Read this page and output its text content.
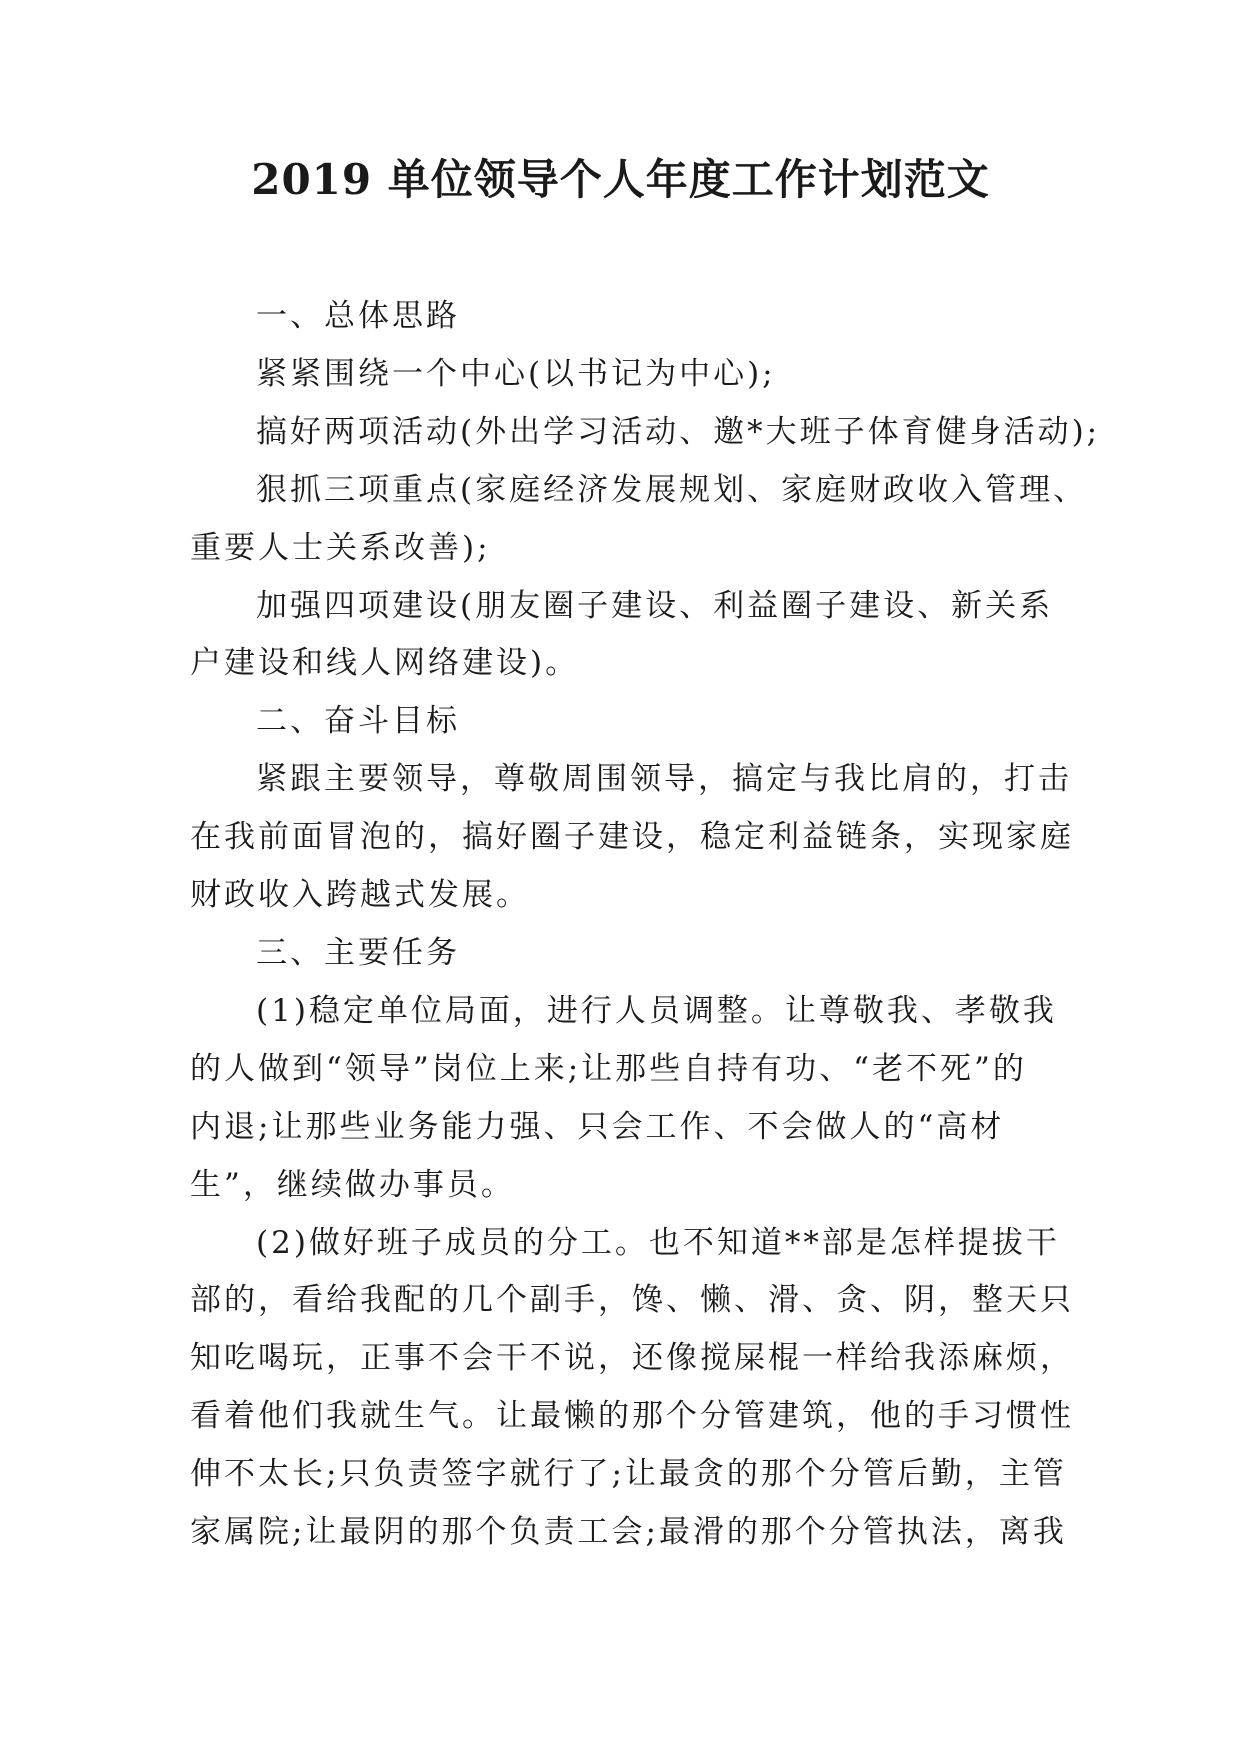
2019 单位领导个人年度工作计划范文

一、总体思路

紧紧围绕一个中心(以书记为中心);

搞好两项活动(外出学习活动、邀*大班子体育健身活动);

狠抓三项重点(家庭经济发展规划、家庭财政收入管理、
重要人士关系改善);

加强四项建设(朋友圈子建设、利益圈子建设、新关系
户建设和线人网络建设)。

二、奋斗目标

紧跟主要领导，尊敬周围领导，搞定与我比肩的，打击
在我前面冒泡的，搞好圈子建设，稳定利益链条，实现家庭
财政收入跨越式发展。

三、主要任务

(1)稳定单位局面，进行人员调整。让尊敬我、孝敬我
的人做到“领导”岗位上来;让那些自持有功、“老不死”的
内退;让那些业务能力强、只会工作、不会做人的“高材
生”，继续做办事员。

(2)做好班子成员的分工。也不知道**部是怎样提拔干
部的，看给我配的几个副手，馋、懒、滑、贪、阴，整天只
知吃喝玩，正事不会干不说，还像搅屎棍一样给我添麻烦，
看着他们我就生气。让最懒的那个分管建筑，他的手习惯性
伸不太长;只负责签字就行了;让最贪的那个分管后勤，主管
家属院;让最阴的那个负责工会;最滑的那个分管执法，离我
